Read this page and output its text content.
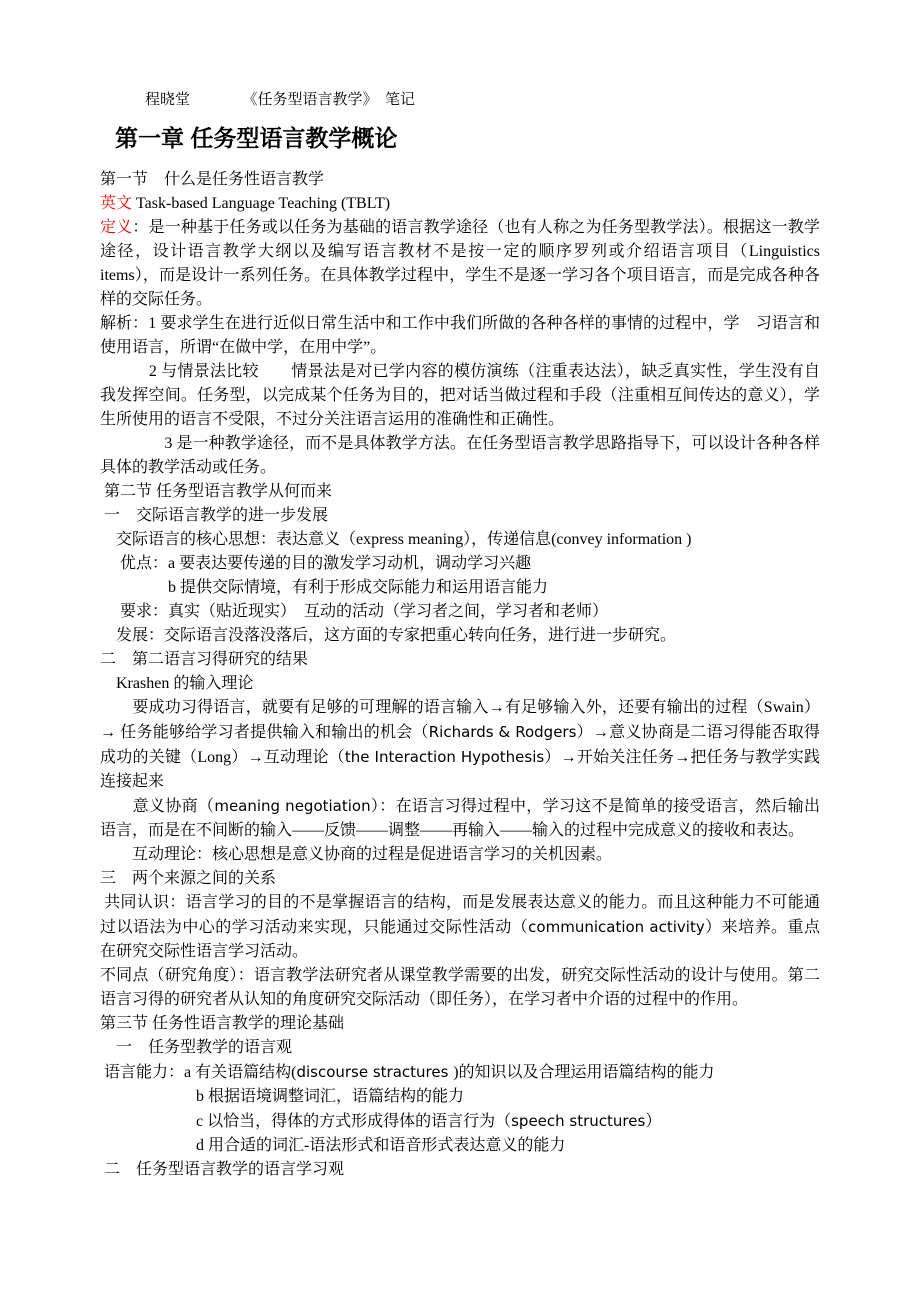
　　　程晓堂　　　　《任务型语言教学》　笔记

第一章 任务型语言教学概论

第一节　什么是任务性语言教学

英文 Task-based Language Teaching (TBLT)

定义：是一种基于任务或以任务为基础的语言教学途径（也有人称之为任务型教学法）。根据这一教学途径，设计语言教学大纲以及编写语言教材不是按一定的顺序罗列或介绍语言项目（Linguistics items），而是设计一系列任务。在具体教学过程中，学生不是逐一学习各个项目语言，而是完成各种各样的交际任务。

解析：1 要求学生在进行近似日常生活中和工作中我们所做的各种各样的事情的过程中，学　习语言和使用语言，所谓“在做中学，在用中学”。

　　　2 与情景法比较　　情景法是对已学内容的模仿演练（注重表达法），缺乏真实性，学生没有自我发挥空间。任务型，以完成某个任务为目的，把对话当做过程和手段（注重相互间传达的意义），学生所使用的语言不受限，不过分关注语言运用的准确性和正确性。

　　　　3 是一种教学途径，而不是具体教学方法。在任务型语言教学思路指导下，可以设计各种各样具体的教学活动或任务。

第二节 任务型语言教学从何而来

一　交际语言教学的进一步发展

　交际语言的核心思想：表达意义（express meaning），传递信息(convey information )

　 优点：a 要表达要传递的目的激发学习动机，调动学习兴趣

　　　　 b 提供交际情境，有利于形成交际能力和运用语言能力

　 要求：真实（贴近现实）　互动的活动（学习者之间，学习者和老师）

　发展：交际语言没落没落后，这方面的专家把重心转向任务，进行进一步研究。

二　第二语言习得研究的结果

　Krashen 的输入理论

　　要成功习得语言，就要有足够的可理解的语言输入→有足够输入外，还要有输出的过程（Swain）→ 任务能够给学习者提供输入和输出的机会（Richards & Rodgers）→意义协商是二语习得能否取得成功的关键（Long）→互动理论（the Interaction Hypothesis）→开始关注任务→把任务与教学实践连接起来

　　意义协商（meaning negotiation）：在语言习得过程中，学习这不是简单的接受语言，然后输出语言，而是在不间断的输入——反馈——调整——再输入——输入的过程中完成意义的接收和表达。

　　互动理论：核心思想是意义协商的过程是促进语言学习的关机因素。

三　两个来源之间的关系

共同认识：语言学习的目的不是掌握语言的结构，而是发展表达意义的能力。而且这种能力不可能通过以语法为中心的学习活动来实现，只能通过交际性活动（communication activity）来培养。重点在研究交际性语言学习活动。

不同点（研究角度）：语言教学法研究者从课堂教学需要的出发，研究交际性活动的设计与使用。第二语言习得的研究者从认知的角度研究交际活动（即任务），在学习者中介语的过程中的作用。

第三节 任务性语言教学的理论基础

　一　任务型教学的语言观

语言能力：a 有关语篇结构(discourse stractures )的知识以及合理运用语篇结构的能力

　　　　　　b 根据语境调整词汇，语篇结构的能力

　　　　　　c 以恰当，得体的方式形成得体的语言行为（speech structures）

　　　　　　d 用合适的词汇-语法形式和语音形式表达意义的能力

二　任务型语言教学的语言学习观
